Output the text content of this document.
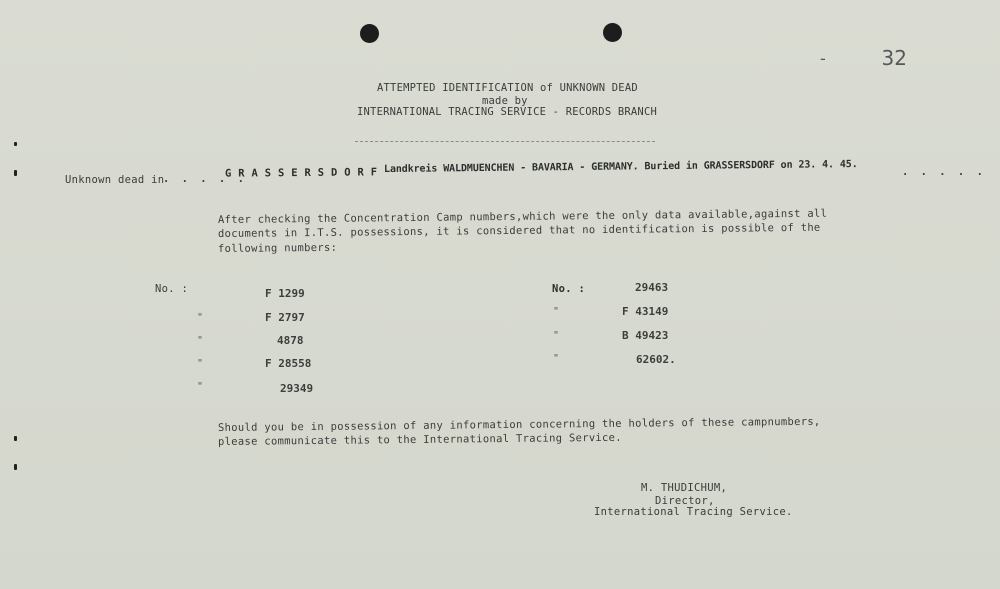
-	32
ATTEMPTED IDENTIFICATION of UNKNOWN DEAD
made by
INTERNATIONAL TRACING SERVICE - RECORDS BRANCH
Unknown dead in
. . . . .
G R A S S E R S D O R F Landkreis WALDMUENCHEN - BAVARIA - GERMANY. Buried in GRASSERSDORF on 23. 4. 45.	. . . . .
After checking the Concentration Camp numbers,which were the only data available,against all
documents in I.T.S. possessions, it is considered that no identification is possible of the
following numbers:
No. :
"
"
"
"
F 1299
F 2797
4878
F 28558
29349
No. :
"
"
"
29463
F 43149
B 49423
62602.
Should you be in possession of any information concerning the holders of these campnumbers,
please communicate this to the International Tracing Service.
M. THUDICHUM,
Director,
International Tracing Service.
